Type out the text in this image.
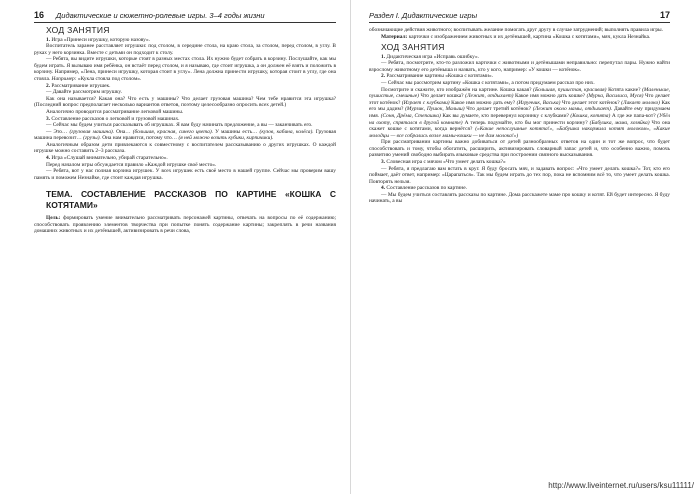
16	Дидактические и сюжетно-ролевые игры. 3–4 годы жизни
ХОД ЗАНЯТИЯ

1. Игра «Принеси игрушку, которую назову».

Воспитатель заранее расставляет игрушки: под столом, в середине стола, на краю стола, за столом, перед столом, в углу. В руках у него корзинка. Вместе с детьми он подходит к столу.

— Ребята, вы видите игрушки, которые стоят в разных местах стола. Их нужно будет собрать в корзину. Послушайте, как мы будем играть. Я вызываю имя ребёнка, он встаёт перед столом, и я называю, где стоит игрушка, а он должен её взять и положить в корзину. Например, «Лена, принеси игрушку, которая стоит в углу». Лена должна принести игрушку, которая стоит в углу, где она стояла. Например: «Кукла стояла под столом».

2. Рассматривание игрушек.

— Давайте рассмотрим игрушку.

Как она называется? Какая она? Что есть у машины? Что делает грузовая машина? Чем тебе нравится эта игрушка? (Последний вопрос предполагает несколько вариантов ответов, поэтому целесообразно опросить всех детей.)

Аналогично проводится рассматривание легковой машины.

3. Составление рассказов о легковой и грузовой машинах.

— Сейчас мы будем учиться рассказывать об игрушках. Я вам буду начинать предложение, а вы — заканчивать его.

— Это… (грузовая машина). Она… (большая, красная, синего цвета). У машины есть… (кузов, кабина, колёса). Грузовая машина перевозит… (грузы). Она нам нравится, потому что… (я ней можно возить кубики, кирпичики).

Аналогичным образом дети привлекаются к совместному с воспитателем рассказыванию о других игрушках. О каждой игрушке можно составить 2–3 рассказа.

4. Игра «Слушай внимательно, убирай старательно».

Перед началом игры обсуждается правило «Каждой игрушке своё место».

— Ребята, вот у нас полная корзина игрушек. У всех игрушек есть своё место в нашей группе. Сейчас мы проверим вашу память и поможем Незнайке, где стоит каждая игрушка.

ТЕМА. СОСТАВЛЕНИЕ РАССКАЗОВ ПО КАРТИНЕ «КОШКА С КОТЯТАМИ»

Цель: формировать умение внимательно рассматривать персонажей картины, отвечать на вопросы по её содержанию; способствовать проявлению элементов творчества при попытке понять содержание картины; закреплять в речи названия домашних животных и их детёнышей, активизировать в речи слова,

Раздел I. Дидактические игры	17

обозначающие действия животного; воспитывать желание помогать друг другу в случае затруднений; выполнять правила игры.

Материал: карточки с изображением животных и их детёнышей, картина «Кошка с котятами», мяч, кукла Незнайка.

ХОД ЗАНЯТИЯ

1. Дидактическая игра «Исправь ошибку».

— Ребята, посмотрите, кто-то разложил карточки с животными и детёнышами неправильно: перепутал пары. Нужно найти взрослому животному его детёныша и назвать, кто у кого, например: «У кошки — котёнок».

2. Рассматривание картины «Кошка с котятами».

— Сейчас мы рассмотрим картину «Кошка с котятами», а потом придумаем рассказ про них.

Посмотрите и скажите, кто изображён на картине. Кошка какая? (Большая, пушистая, красивая) Котята какие? (Маленькие, пушистые, смешные) Что делает кошка? (Лежит, отдыхает) Какое имя можно дать кошке? (Мурка, Василиса, Муся) Что делает этот котёнок? (Играет с клубками) Какое имя можно дать ему? (Игрунчик, Васька) Что делает этот котёнок? (Лакает молоко) Как его мы дадим? (Мурзик, Пушок, Малыш) Что делает третий котёнок? (Лежит около мамы, отдыхает). Давайте ему придумаем имя. (Соня, Дрёма, Степашка) Как вы думаете, кто перевернул корзинку с клубками? (Кошка, котята) А где же папа-кот? (Убёл на охоту, спрятался в другой комнате) А теперь подумайте, кто бы мог принести корзину? (Бабушка, мама, хозяйка) Что она скажет кошке с котятами, когда вернётся? («Какие непослушные котята!», «Бабушка накормила котят молоком», «Какие молодцы — все собрались возле мамы-кошки — не дам молока!»)

При рассматривании картины важно добиваться от детей разнообразных ответов на один и тот же вопрос, что будет способствовать и тому, чтобы обогатить, расширить, активизировать словарный запас детей и, что особенно важно, помочь развитию умений свободно выбирать языковые средства при построении связного высказывания.

3. Словесная игра с мячом «Что умеет делать кошка?»

— Ребята, я предлагаю вам встать в круг. Я буду бросать мяч, и задавать вопрос: «Что умеет делать кошка?» Тот, кто его поймает, даёт ответ, например: «Царапаться». Так мы будем играть до тех пор, пока не вспомним всё то, что умеет делать кошка. Повторять нельзя.

4. Составление рассказов по картине.

— Мы будем учиться составлять рассказы по картине. Дома расскажете маме про кошку и котят. Ей будет интересно. Я буду начинать, а вы

http://www.liveinternet.ru/users/ksu11111/
